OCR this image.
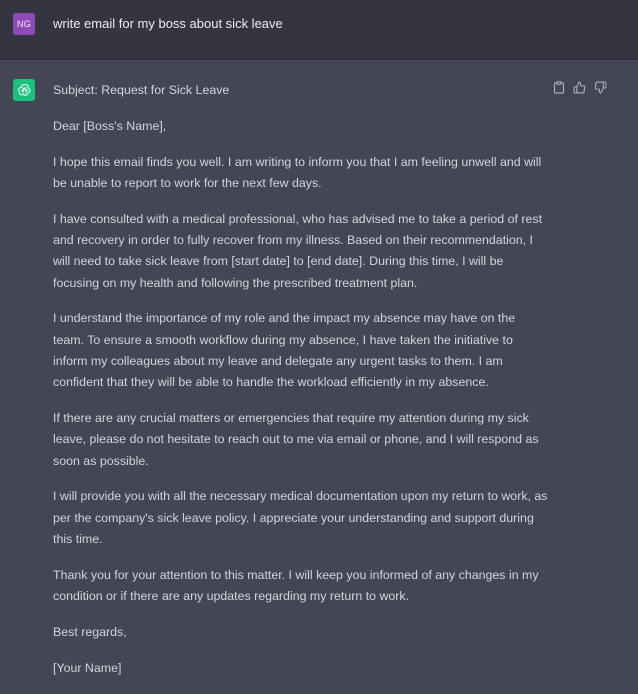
NG	write email for my boss about sick leave

Subject: Request for Sick Leave

Dear [Boss's Name],

I hope this email finds you well. I am writing to inform you that I am feeling unwell and will be unable to report to work for the next few days.

I have consulted with a medical professional, who has advised me to take a period of rest and recovery in order to fully recover from my illness. Based on their recommendation, I will need to take sick leave from [start date] to [end date]. During this time, I will be focusing on my health and following the prescribed treatment plan.

I understand the importance of my role and the impact my absence may have on the team. To ensure a smooth workflow during my absence, I have taken the initiative to inform my colleagues about my leave and delegate any urgent tasks to them. I am confident that they will be able to handle the workload efficiently in my absence.

If there are any crucial matters or emergencies that require my attention during my sick leave, please do not hesitate to reach out to me via email or phone, and I will respond as soon as possible.

I will provide you with all the necessary medical documentation upon my return to work, as per the company's sick leave policy. I appreciate your understanding and support during this time.

Thank you for your attention to this matter. I will keep you informed of any changes in my condition or if there are any updates regarding my return to work.

Best regards,

[Your Name]
